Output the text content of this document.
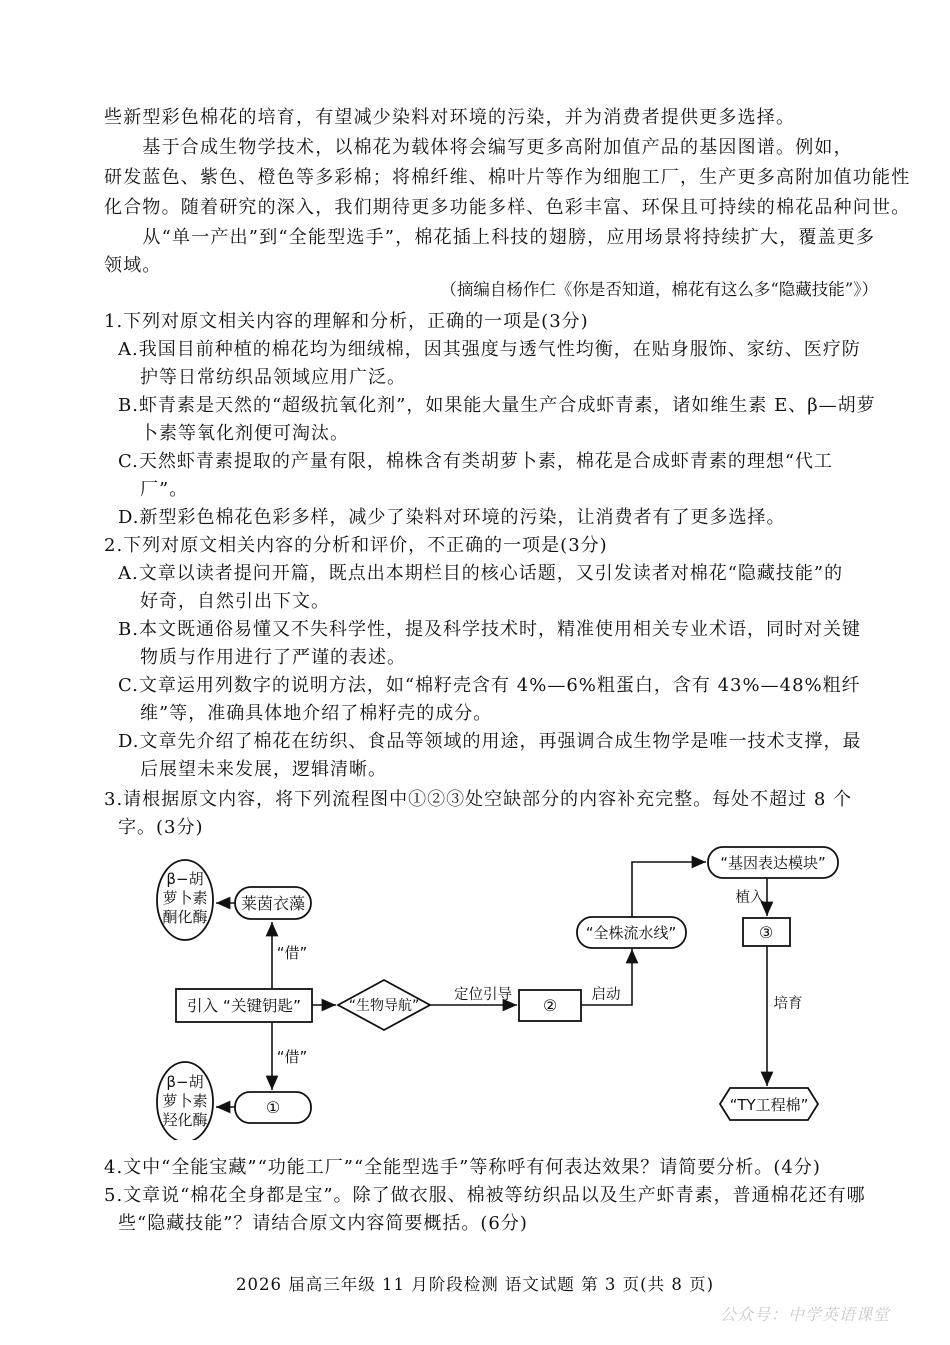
些新型彩色棉花的培育，有望减少染料对环境的污染，并为消费者提供更多选择。
　　基于合成生物学技术，以棉花为载体将会编写更多高附加值产品的基因图谱。例如，
研发蓝色、紫色、橙色等多彩棉；将棉纤维、棉叶片等作为细胞工厂，生产更多高附加值功能性
化合物。随着研究的深入，我们期待更多功能多样、色彩丰富、环保且可持续的棉花品种问世。
　　从“单一产出”到“全能型选手”，棉花插上科技的翅膀，应用场景将持续扩大，覆盖更多
领域。
（摘编自杨作仁《你是否知道，棉花有这么多“隐藏技能”》）
1.下列对原文相关内容的理解和分析，正确的一项是(3分)
A.我国目前种植的棉花均为细绒棉，因其强度与透气性均衡，在贴身服饰、家纺、医疗防
护等日常纺织品领域应用广泛。
B.虾青素是天然的“超级抗氧化剂”，如果能大量生产合成虾青素，诸如维生素 E、β—胡萝
卜素等氧化剂便可淘汰。
C.天然虾青素提取的产量有限，棉株含有类胡萝卜素，棉花是合成虾青素的理想“代工
厂”。
D.新型彩色棉花色彩多样，减少了染料对环境的污染，让消费者有了更多选择。
2.下列对原文相关内容的分析和评价，不正确的一项是(3分)
A.文章以读者提问开篇，既点出本期栏目的核心话题，又引发读者对棉花“隐藏技能”的
好奇，自然引出下文。
B.本文既通俗易懂又不失科学性，提及科学技术时，精准使用相关专业术语，同时对关键
物质与作用进行了严谨的表述。
C.文章运用列数字的说明方法，如“棉籽壳含有 4%—6%粗蛋白，含有 43%—48%粗纤
维”等，准确具体地介绍了棉籽壳的成分。
D.文章先介绍了棉花在纺织、食品等领域的用途，再强调合成生物学是唯一技术支撑，最
后展望未来发展，逻辑清晰。
3.请根据原文内容，将下列流程图中①②③处空缺部分的内容补充完整。每处不超过 8 个
字。(3分)
β−胡
萝卜素
酮化酶
莱茵衣藻
“借”
引入 “关键钥匙”	“生物导航”
定位引导
②
启动
“全株流水线”
“基因表达模块”
植入
③
培育
“TY工程棉”
“借”
①
β−胡
萝卜素
羟化酶
4.文中“全能宝藏”“功能工厂”“全能型选手”等称呼有何表达效果？请简要分析。(4分)
5.文章说“棉花全身都是宝”。除了做衣服、棉被等纺织品以及生产虾青素，普通棉花还有哪
些“隐藏技能”？请结合原文内容简要概括。(6分)
2026 届高三年级 11 月阶段检测 语文试题 第 3 页(共 8 页)
公众号：中学英语课堂
